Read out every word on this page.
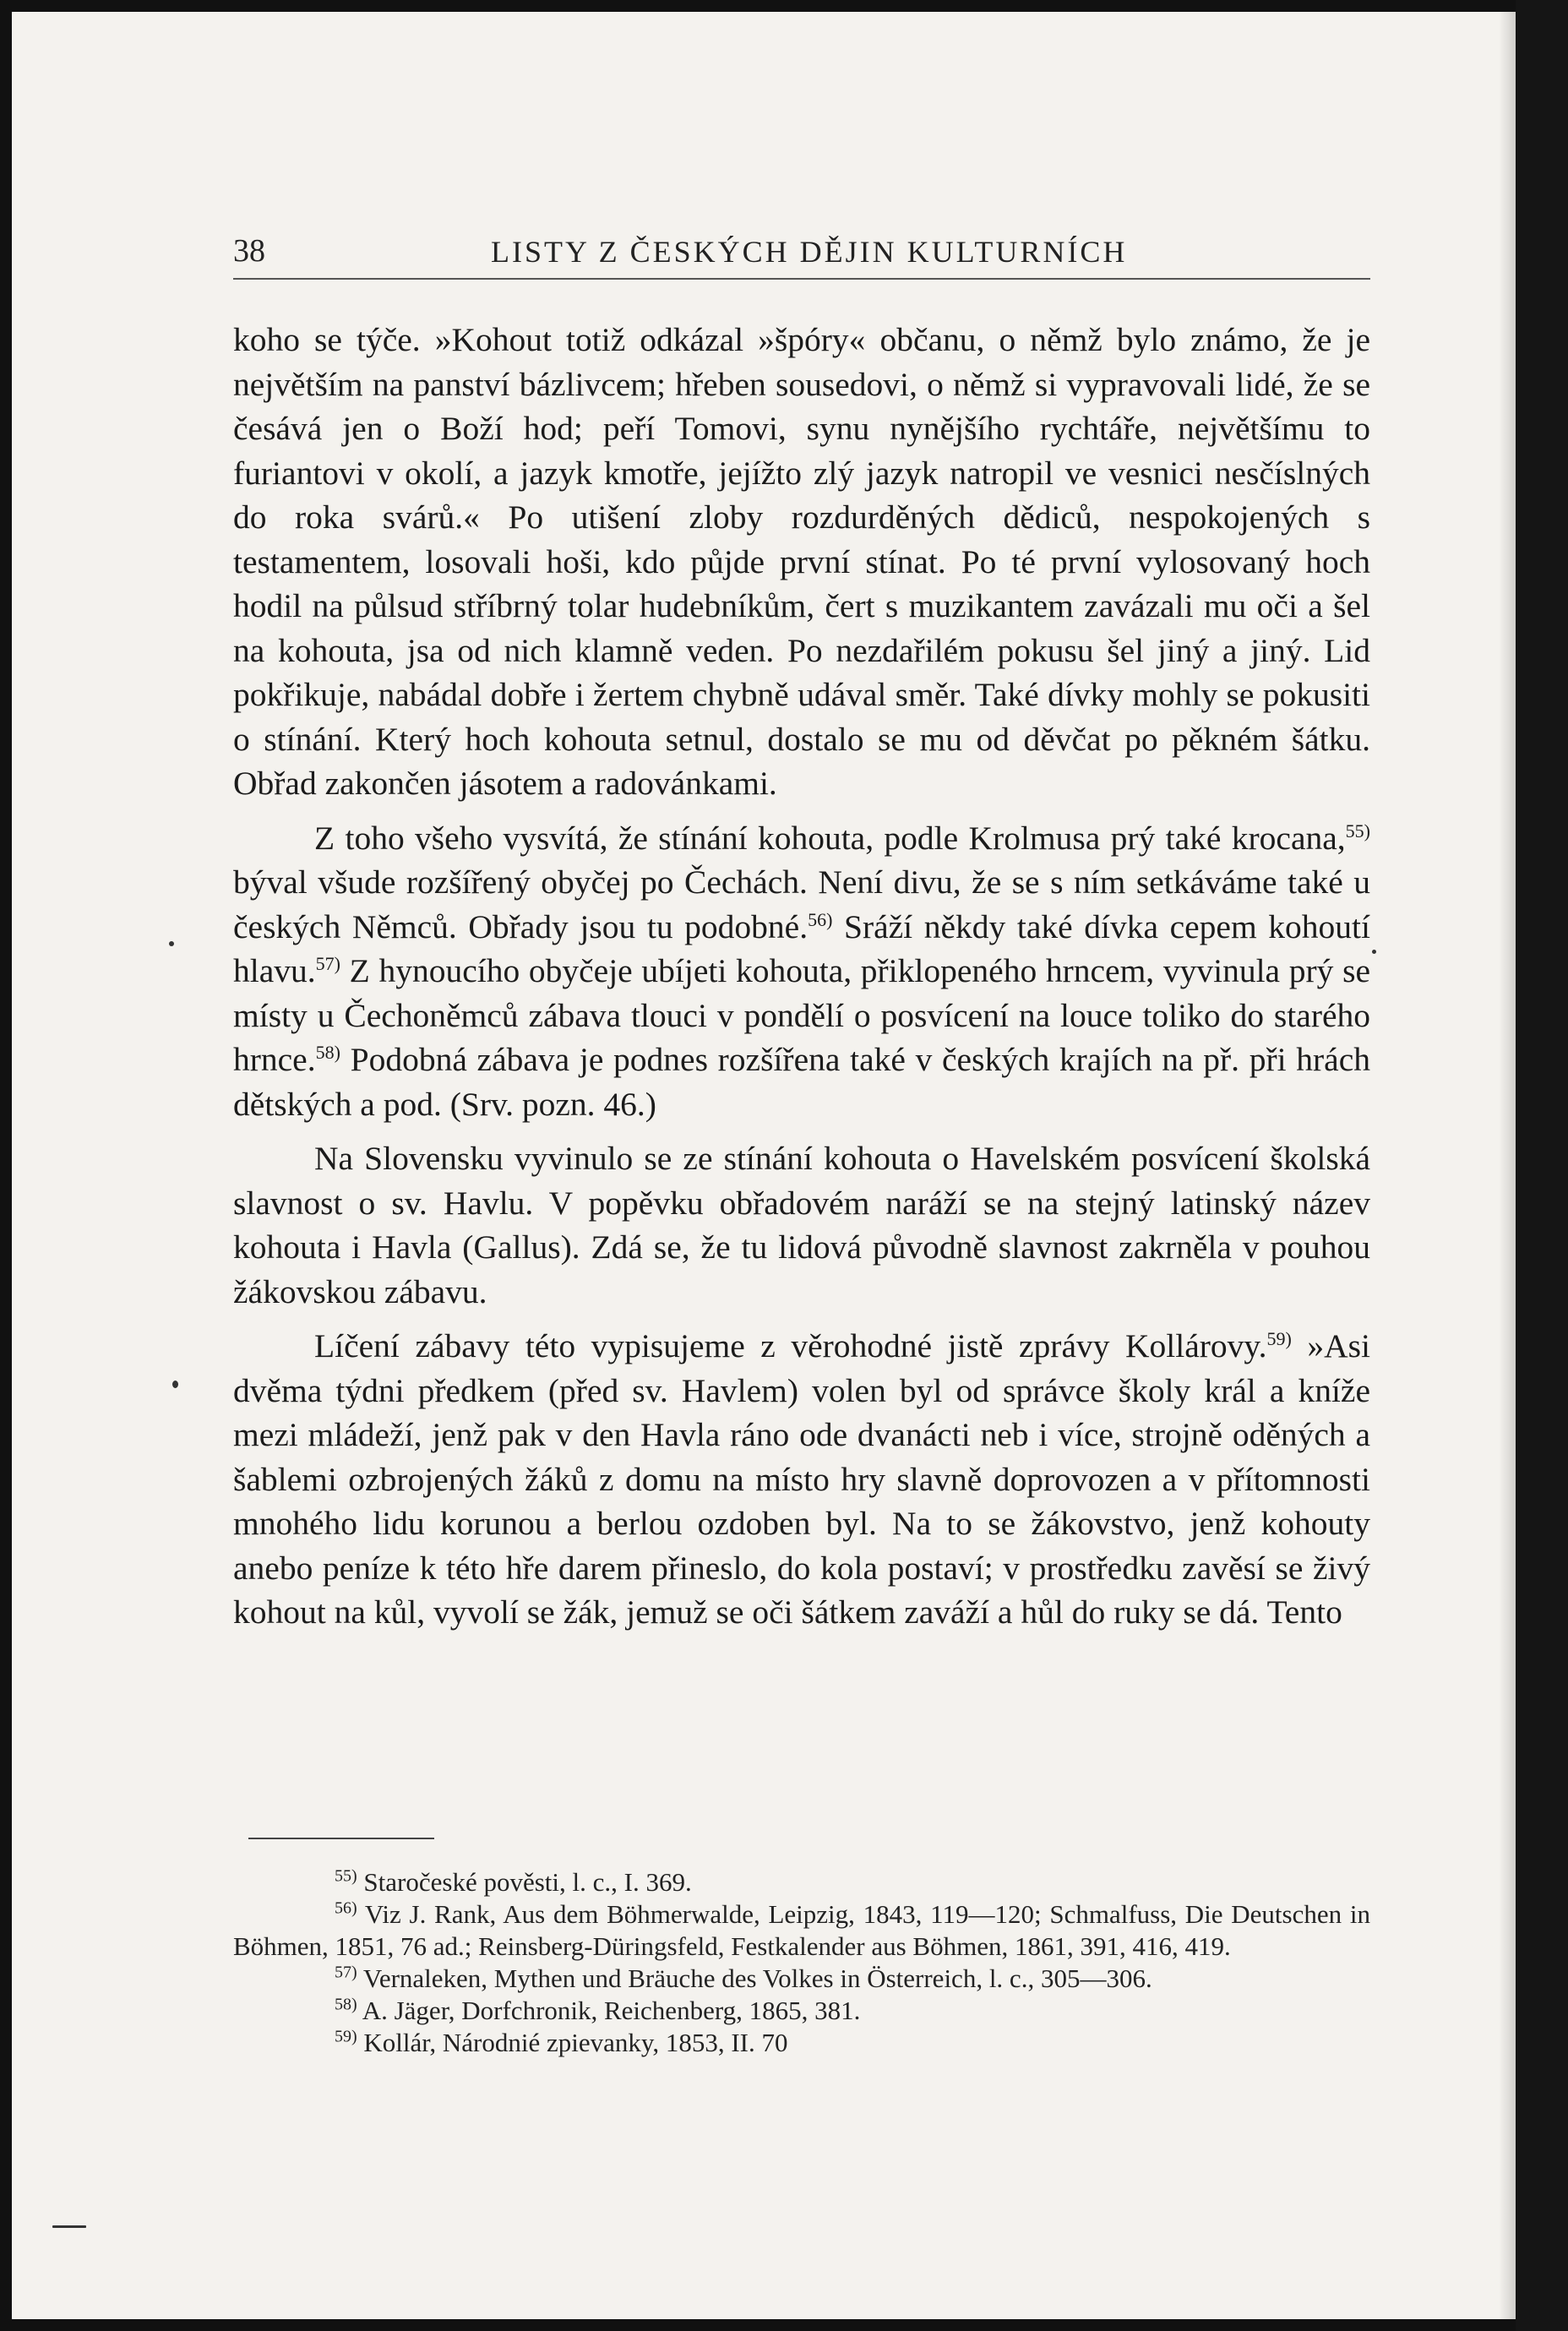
38	LISTY Z ČESKÝCH DĚJIN KULTURNÍCH

koho se týče. »Kohout totiž odkázal »špóry« občanu, o němž bylo známo, že je největším na panství bázlivcem; hřeben sousedovi, o němž si vypravovali lidé, že se česává jen o Boží hod; peří Tomovi, synu nynějšího rychtáře, největšímu to furiantovi v okolí, a jazyk kmotře, jejížto zlý jazyk natropil ve vesnici nesčíslných do roka svárů.« Po utišení zloby rozdurděných dědiců, nespokojených s testamentem, losovali hoši, kdo půjde první stínat. Po té první vylosovaný hoch hodil na půlsud stříbrný tolar hudebníkům, čert s muzikantem zavázali mu oči a šel na kohouta, jsa od nich klamně veden. Po nezdařilém pokusu šel jiný a jiný. Lid pokřikuje, nabádal dobře i žertem chybně udával směr. Také dívky mohly se pokusiti o stínání. Který hoch kohouta setnul, dostalo se mu od děvčat po pěkném šátku. Obřad zakončen jásotem a radovánkami.

Z toho všeho vysvítá, že stínání kohouta, podle Krolmusa prý také krocana,$^{55)}$ býval všude rozšířený obyčej po Čechách. Není divu, že se s ním setkáváme také u českých Němců. Obřady jsou tu podobné.$^{56)}$ Sráží někdy také dívka cepem kohoutí hlavu.$^{57)}$ Z hynoucího obyčeje ubíjeti kohouta, přiklopeného hrncem, vyvinula prý se místy u Čechoněmců zábava tlouci v pondělí o posvícení na louce toliko do starého hrnce.$^{58)}$ Podobná zábava je podnes rozšířena také v českých krajích na př. při hrách dětských a pod. (Srv. pozn. 46.)

Na Slovensku vyvinulo se ze stínání kohouta o Havelském posvícení školská slavnost o sv. Havlu. V popěvku obřadovém naráží se na stejný latinský název kohouta i Havla (Gallus). Zdá se, že tu lidová původně slavnost zakrněla v pouhou žákovskou zábavu.

Líčení zábavy této vypisujeme z věrohodné jistě zprávy Kollárovy.$^{59)}$ »Asi dvěma týdni předkem (před sv. Havlem) volen byl od správce školy král a kníže mezi mládeží, jenž pak v den Havla ráno ode dvanácti neb i více, strojně oděných a šablemi ozbrojených žáků z domu na místo hry slavně doprovozen a v přítomnosti mnohého lidu korunou a berlou ozdoben byl. Na to se žákovstvo, jenž kohouty anebo peníze k této hře darem přineslo, do kola postaví; v prostředku zavěsí se živý kohout na kůl, vyvolí se žák, jemuž se oči šátkem zaváží a hůl do ruky se dá. Tento

$^{55)}$ Staročeské pověsti, l. c., I. 369.

$^{56)}$ Viz J. Rank, Aus dem Böhmerwalde, Leipzig, 1843, 119—120; Schmalfuss, Die Deutschen in Böhmen, 1851, 76 ad.; Reinsberg-Düringsfeld, Festkalender aus Böhmen, 1861, 391, 416, 419.

$^{57)}$ Vernaleken, Mythen und Bräuche des Volkes in Österreich, l. c., 305—306.

$^{58)}$ A. Jäger, Dorfchronik, Reichenberg, 1865, 381.

$^{59)}$ Kollár, Národnié zpievanky, 1853, II. 70
